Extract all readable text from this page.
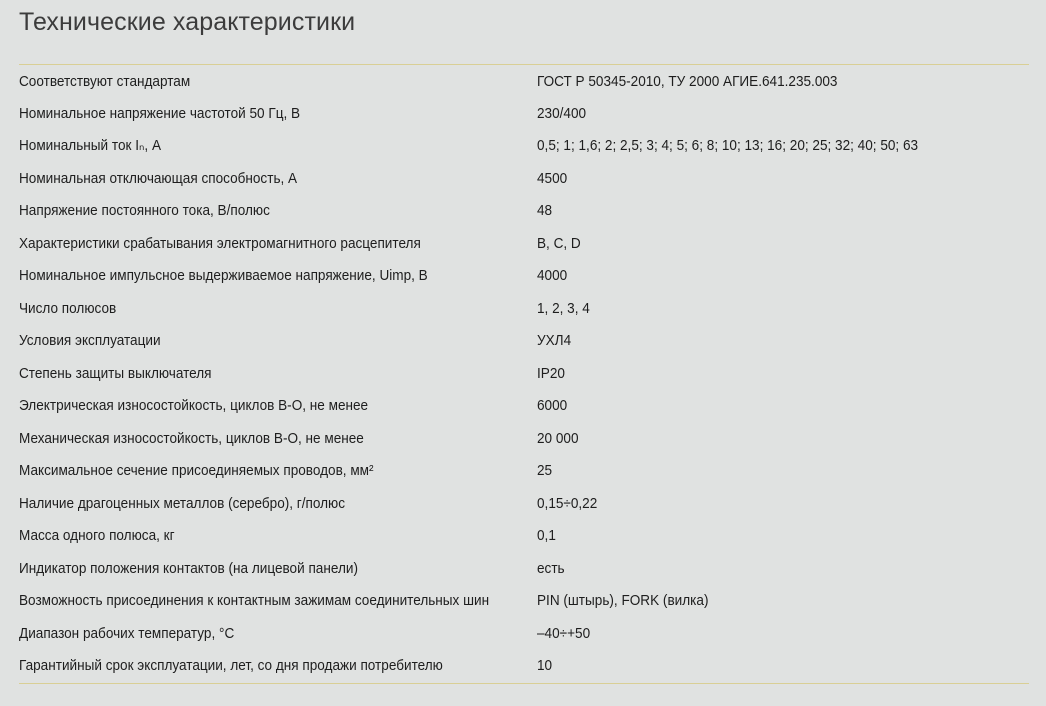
Технические характеристики
Соответствуют стандартам	ГОСТ Р 50345-2010, ТУ 2000 АГИЕ.641.235.003
Номинальное напряжение частотой 50 Гц, В	230/400
Номинальный ток Iₙ, А	0,5; 1; 1,6; 2; 2,5; 3; 4; 5; 6; 8; 10; 13; 16; 20; 25; 32; 40; 50; 63
Номинальная отключающая способность, А	4500
Напряжение постоянного тока, В/полюс	48
Характеристики срабатывания электромагнитного расцепителя	B, C, D
Номинальное импульсное выдерживаемое напряжение, Uimp, В	4000
Число полюсов	1, 2, 3, 4
Условия эксплуатации	УХЛ4
Степень защиты выключателя	IP20
Электрическая износостойкость, циклов В-О, не менее	6000
Механическая износостойкость, циклов В-О, не менее	20 000
Максимальное сечение присоединяемых проводов, мм²	25
Наличие драгоценных металлов (серебро), г/полюс	0,15÷0,22
Масса одного полюса, кг	0,1
Индикатор положения контактов (на лицевой панели)	есть
Возможность присоединения к контактным зажимам соединительных шин	PIN (штырь), FORK (вилка)
Диапазон рабочих температур, °С	–40÷+50
Гарантийный срок эксплуатации, лет, со дня продажи потребителю	10
